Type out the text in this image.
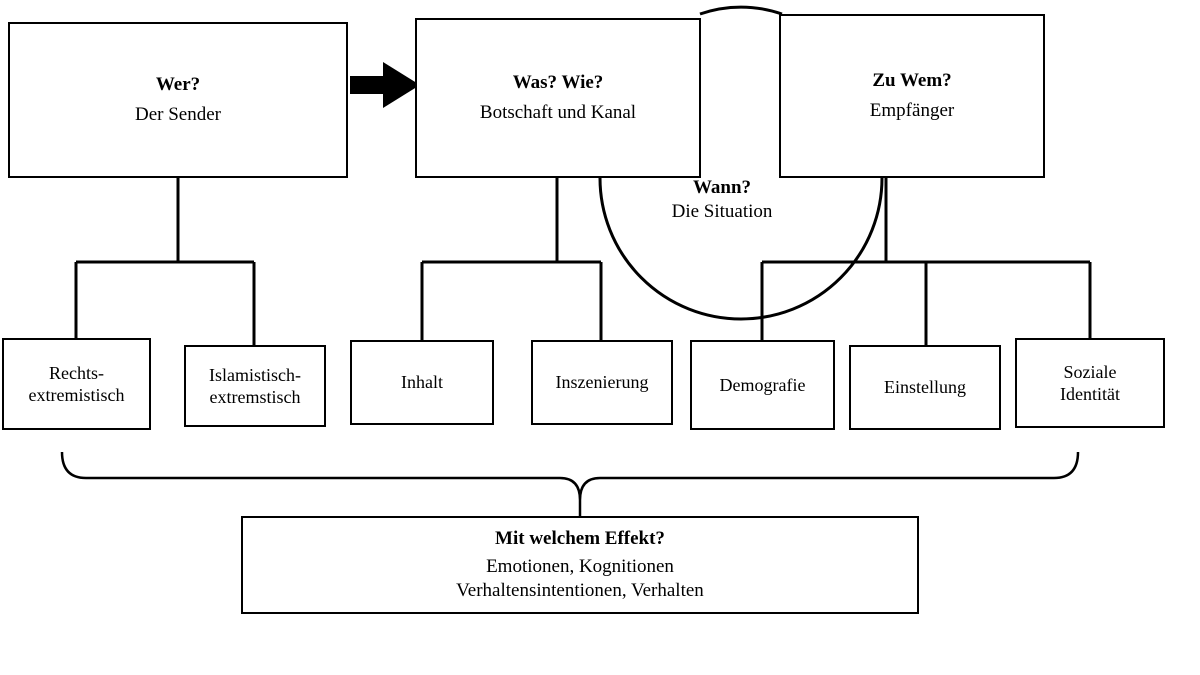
Wer?
Der Sender
Was? Wie?
Botschaft und Kanal
Zu Wem?
Empfänger
Wann?
Die Situation
Rechts-
extremistisch
Islamistisch-
extremstisch
Inhalt	Inszenierung	Demografie	Einstellung
Soziale
Identität
Mit welchem Effekt?
Emotionen, Kognitionen
Verhaltensintentionen, Verhalten
